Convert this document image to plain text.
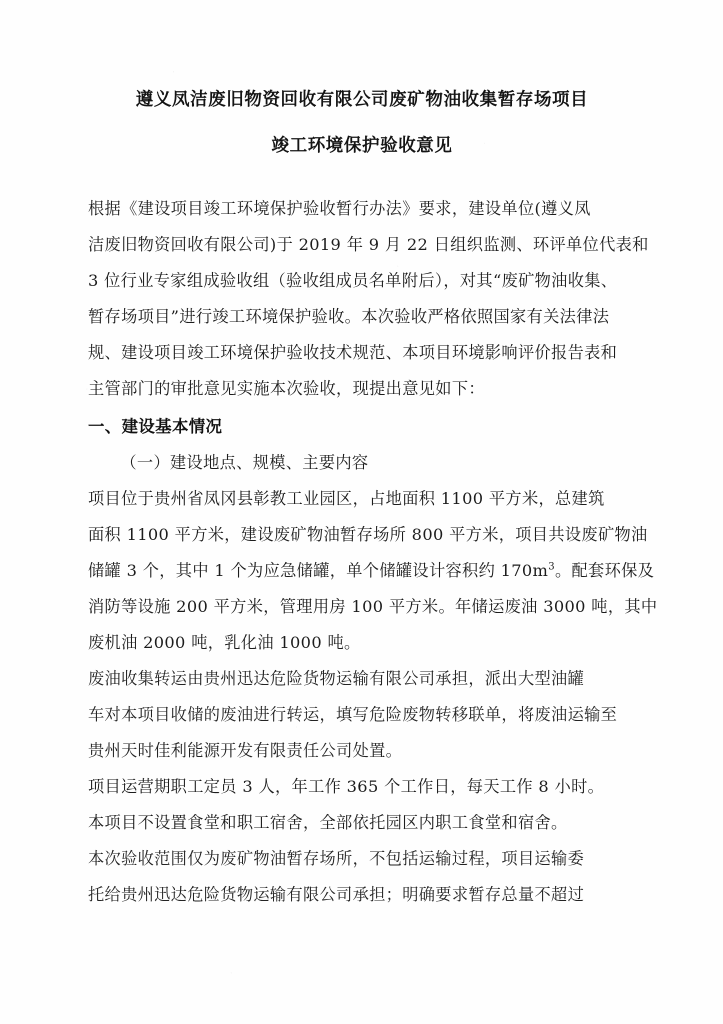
遵义凤洁废旧物资回收有限公司废矿物油收集暂存场项目
竣工环境保护验收意见
根据《建设项目竣工环境保护验收暂行办法》要求，建设单位(遵义凤
洁废旧物资回收有限公司)于 2019 年 9 月 22 日组织监测、环评单位代表和
3 位行业专家组成验收组（验收组成员名单附后），对其“废矿物油收集、
暂存场项目”进行竣工环境保护验收。本次验收严格依照国家有关法律法
规、建设项目竣工环境保护验收技术规范、本项目环境影响评价报告表和
主管部门的审批意见实施本次验收，现提出意见如下：
一、建设基本情况
（一）建设地点、规模、主要内容
项目位于贵州省凤冈县彰教工业园区，占地面积 1100 平方米，总建筑
面积 1100 平方米，建设废矿物油暂存场所 800 平方米，项目共设废矿物油
储罐 3 个，其中 1 个为应急储罐，单个储罐设计容积约 $170m^3$。配套环保及
消防等设施 200 平方米，管理用房 100 平方米。年储运废油 3000 吨，其中
废机油 2000 吨，乳化油 1000 吨。
废油收集转运由贵州迅达危险货物运输有限公司承担，派出大型油罐
车对本项目收储的废油进行转运，填写危险废物转移联单，将废油运输至
贵州天时佳利能源开发有限责任公司处置。
项目运营期职工定员 3 人，年工作 365 个工作日，每天工作 8 小时。
本项目不设置食堂和职工宿舍，全部依托园区内职工食堂和宿舍。
本次验收范围仅为废矿物油暂存场所，不包括运输过程，项目运输委
托给贵州迅达危险货物运输有限公司承担；明确要求暂存总量不超过
